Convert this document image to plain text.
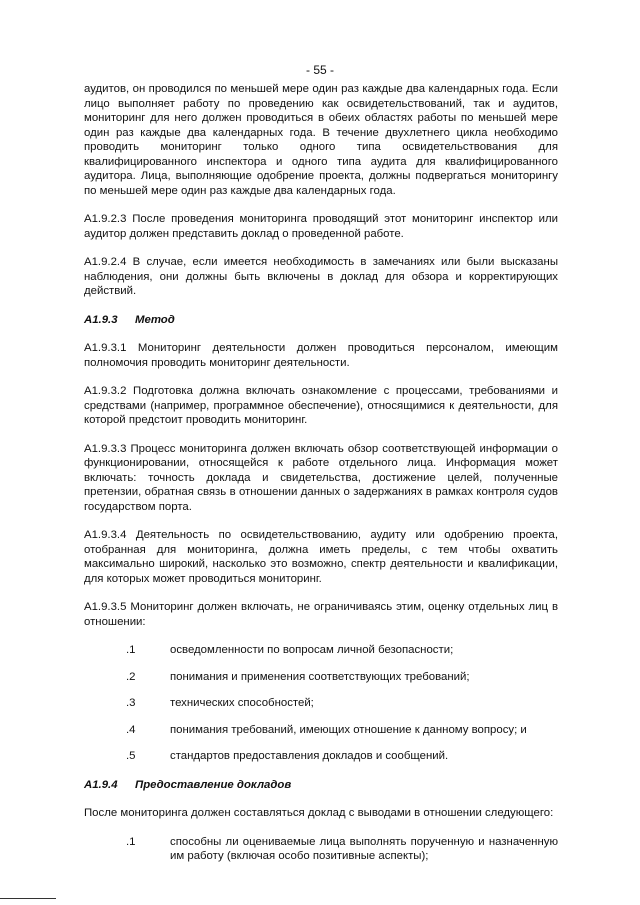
- 55 -

аудитов, он проводился по меньшей мере один раз каждые два календарных года. Если лицо выполняет работу по проведению как освидетельствований, так и аудитов, мониторинг для него должен проводиться в обеих областях работы по меньшей мере один раз каждые два календарных года. В течение двухлетнего цикла необходимо проводить мониторинг только одного типа освидетельствования для квалифицированного инспектора и одного типа аудита для квалифицированного аудитора. Лица, выполняющие одобрение проекта, должны подвергаться мониторингу по меньшей мере один раз каждые два календарных года.

A1.9.2.3 После проведения мониторинга проводящий этот мониторинг инспектор или аудитор должен представить доклад о проведенной работе.

A1.9.2.4 В случае, если имеется необходимость в замечаниях или были высказаны наблюдения, они должны быть включены в доклад для обзора и корректирующих действий.

A1.9.3 Метод

A1.9.3.1 Мониторинг деятельности должен проводиться персоналом, имеющим полномочия проводить мониторинг деятельности.

A1.9.3.2 Подготовка должна включать ознакомление с процессами, требованиями и средствами (например, программное обеспечение), относящимися к деятельности, для которой предстоит проводить мониторинг.

A1.9.3.3 Процесс мониторинга должен включать обзор соответствующей информации о функционировании, относящейся к работе отдельного лица. Информация может включать: точность доклада и свидетельства, достижение целей, полученные претензии, обратная связь в отношении данных о задержаниях в рамках контроля судов государством порта.

A1.9.3.4 Деятельность по освидетельствованию, аудиту или одобрению проекта, отобранная для мониторинга, должна иметь пределы, с тем чтобы охватить максимально широкий, насколько это возможно, спектр деятельности и квалификации, для которых может проводиться мониторинг.

A1.9.3.5 Мониторинг должен включать, не ограничиваясь этим, оценку отдельных лиц в отношении:

.1	осведомленности по вопросам личной безопасности;
.2	понимания и применения соответствующих требований;
.3	технических способностей;
.4	понимания требований, имеющих отношение к данному вопросу; и
.5	стандартов предоставления докладов и сообщений.
A1.9.4 Предоставление докладов

После мониторинга должен составляться доклад с выводами в отношении следующего:

.1	способны ли оцениваемые лица выполнять порученную и назначенную им работу (включая особо позитивные аспекты);
